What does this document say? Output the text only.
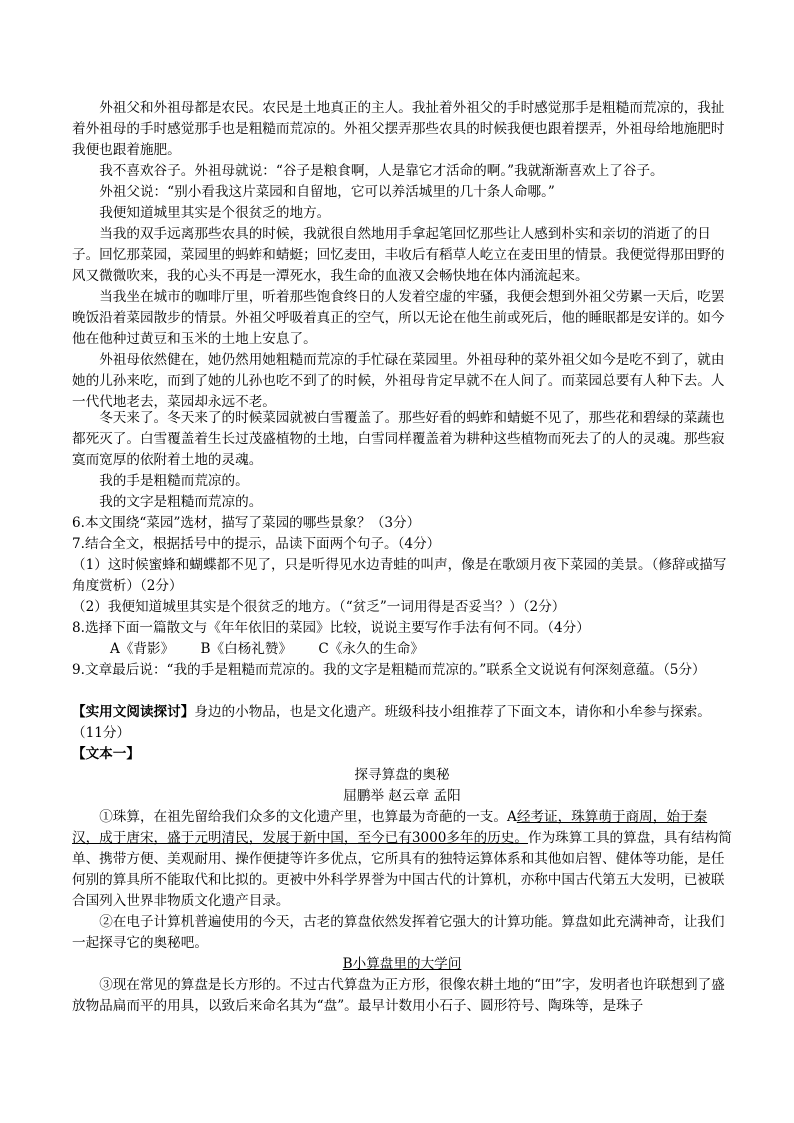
外祖父和外祖母都是农民。农民是土地真正的主人。我扯着外祖父的手时感觉那手是粗糙而荒凉的，我扯着外祖母的手时感觉那手也是粗糙而荒凉的。外祖父摆弄那些农具的时候我便也跟着摆弄，外祖母给地施肥时我便也跟着施肥。

我不喜欢谷子。外祖母就说：“谷子是粮食啊，人是靠它才活命的啊。”我就渐渐喜欢上了谷子。

外祖父说：“别小看我这片菜园和自留地，它可以养活城里的几十条人命哪。”

我便知道城里其实是个很贫乏的地方。

当我的双手远离那些农具的时候，我就很自然地用手拿起笔回忆那些让人感到朴实和亲切的消逝了的日子。回忆那菜园，菜园里的蚂蚱和蜻蜓；回忆麦田，丰收后有稻草人屹立在麦田里的情景。我便觉得那田野的风又微微吹来，我的心头不再是一潭死水，我生命的血液又会畅快地在体内涌流起来。

当我坐在城市的咖啡厅里，听着那些饱食终日的人发着空虚的牢骚，我便会想到外祖父劳累一天后，吃罢晚饭沿着菜园散步的情景。外祖父呼吸着真正的空气，所以无论在他生前或死后，他的睡眠都是安详的。如今他在他种过黄豆和玉米的土地上安息了。

外祖母依然健在，她仍然用她粗糙而荒凉的手忙碌在菜园里。外祖母种的菜外祖父如今是吃不到了，就由她的儿孙来吃，而到了她的儿孙也吃不到了的时候，外祖母肯定早就不在人间了。而菜园总要有人种下去。人一代代地老去，菜园却永远不老。

冬天来了。冬天来了的时候菜园就被白雪覆盖了。那些好看的蚂蚱和蜻蜓不见了，那些花和碧绿的菜蔬也都死灭了。白雪覆盖着生长过茂盛植物的土地，白雪同样覆盖着为耕种这些植物而死去了的人的灵魂。那些寂寞而宽厚的依附着土地的灵魂。

我的手是粗糙而荒凉的。

我的文字是粗糙而荒凉的。

6.本文围绕“菜园”选材，描写了菜园的哪些景象？（3分）

7.结合全文，根据括号中的提示，品读下面两个句子。（4分）

（1）这时候蜜蜂和蝴蝶都不见了，只是听得见水边青蛙的叫声，像是在歌颂月夜下菜园的美景。（修辞或描写角度赏析）（2分）

（2）我便知道城里其实是个很贫乏的地方。（“贫乏”一词用得是否妥当？）（2分）

8.选择下面一篇散文与《年年依旧的菜园》比较，说说主要写作手法有何不同。（4分）

A《背影》 B《白杨礼赞》 C《永久的生命》

9.文章最后说：“我的手是粗糙而荒凉的。我的文字是粗糙而荒凉的。”联系全文说说有何深刻意蕴。（5分）

【实用文阅读探讨】身边的小物品，也是文化遗产。班级科技小组推荐了下面文本，请你和小牟参与探索。（11分）

【文本一】

探寻算盘的奥秘

屈鹏举 赵云章 孟阳

①珠算，在祖先留给我们众多的文化遗产里，也算最为奇葩的一支。A经考证，珠算萌于商周，始于秦汉，成于唐宋，盛于元明清民，发展于新中国，至今已有3000多年的历史。作为珠算工具的算盘，具有结构简单、携带方便、美观耐用、操作便捷等许多优点，它所具有的独特运算体系和其他如启智、健体等功能，是任何别的算具所不能取代和比拟的。更被中外科学界誉为中国古代的计算机，亦称中国古代第五大发明，已被联合国列入世界非物质文化遗产目录。

②在电子计算机普遍使用的今天，古老的算盘依然发挥着它强大的计算功能。算盘如此充满神奇，让我们一起探寻它的奥秘吧。

B小算盘里的大学问

③现在常见的算盘是长方形的。不过古代算盘为正方形，很像农耕土地的“田”字，发明者也许联想到了盛放物品扁而平的用具，以致后来命名其为“盘”。最早计数用小石子、圆形符号、陶珠等，是珠子
